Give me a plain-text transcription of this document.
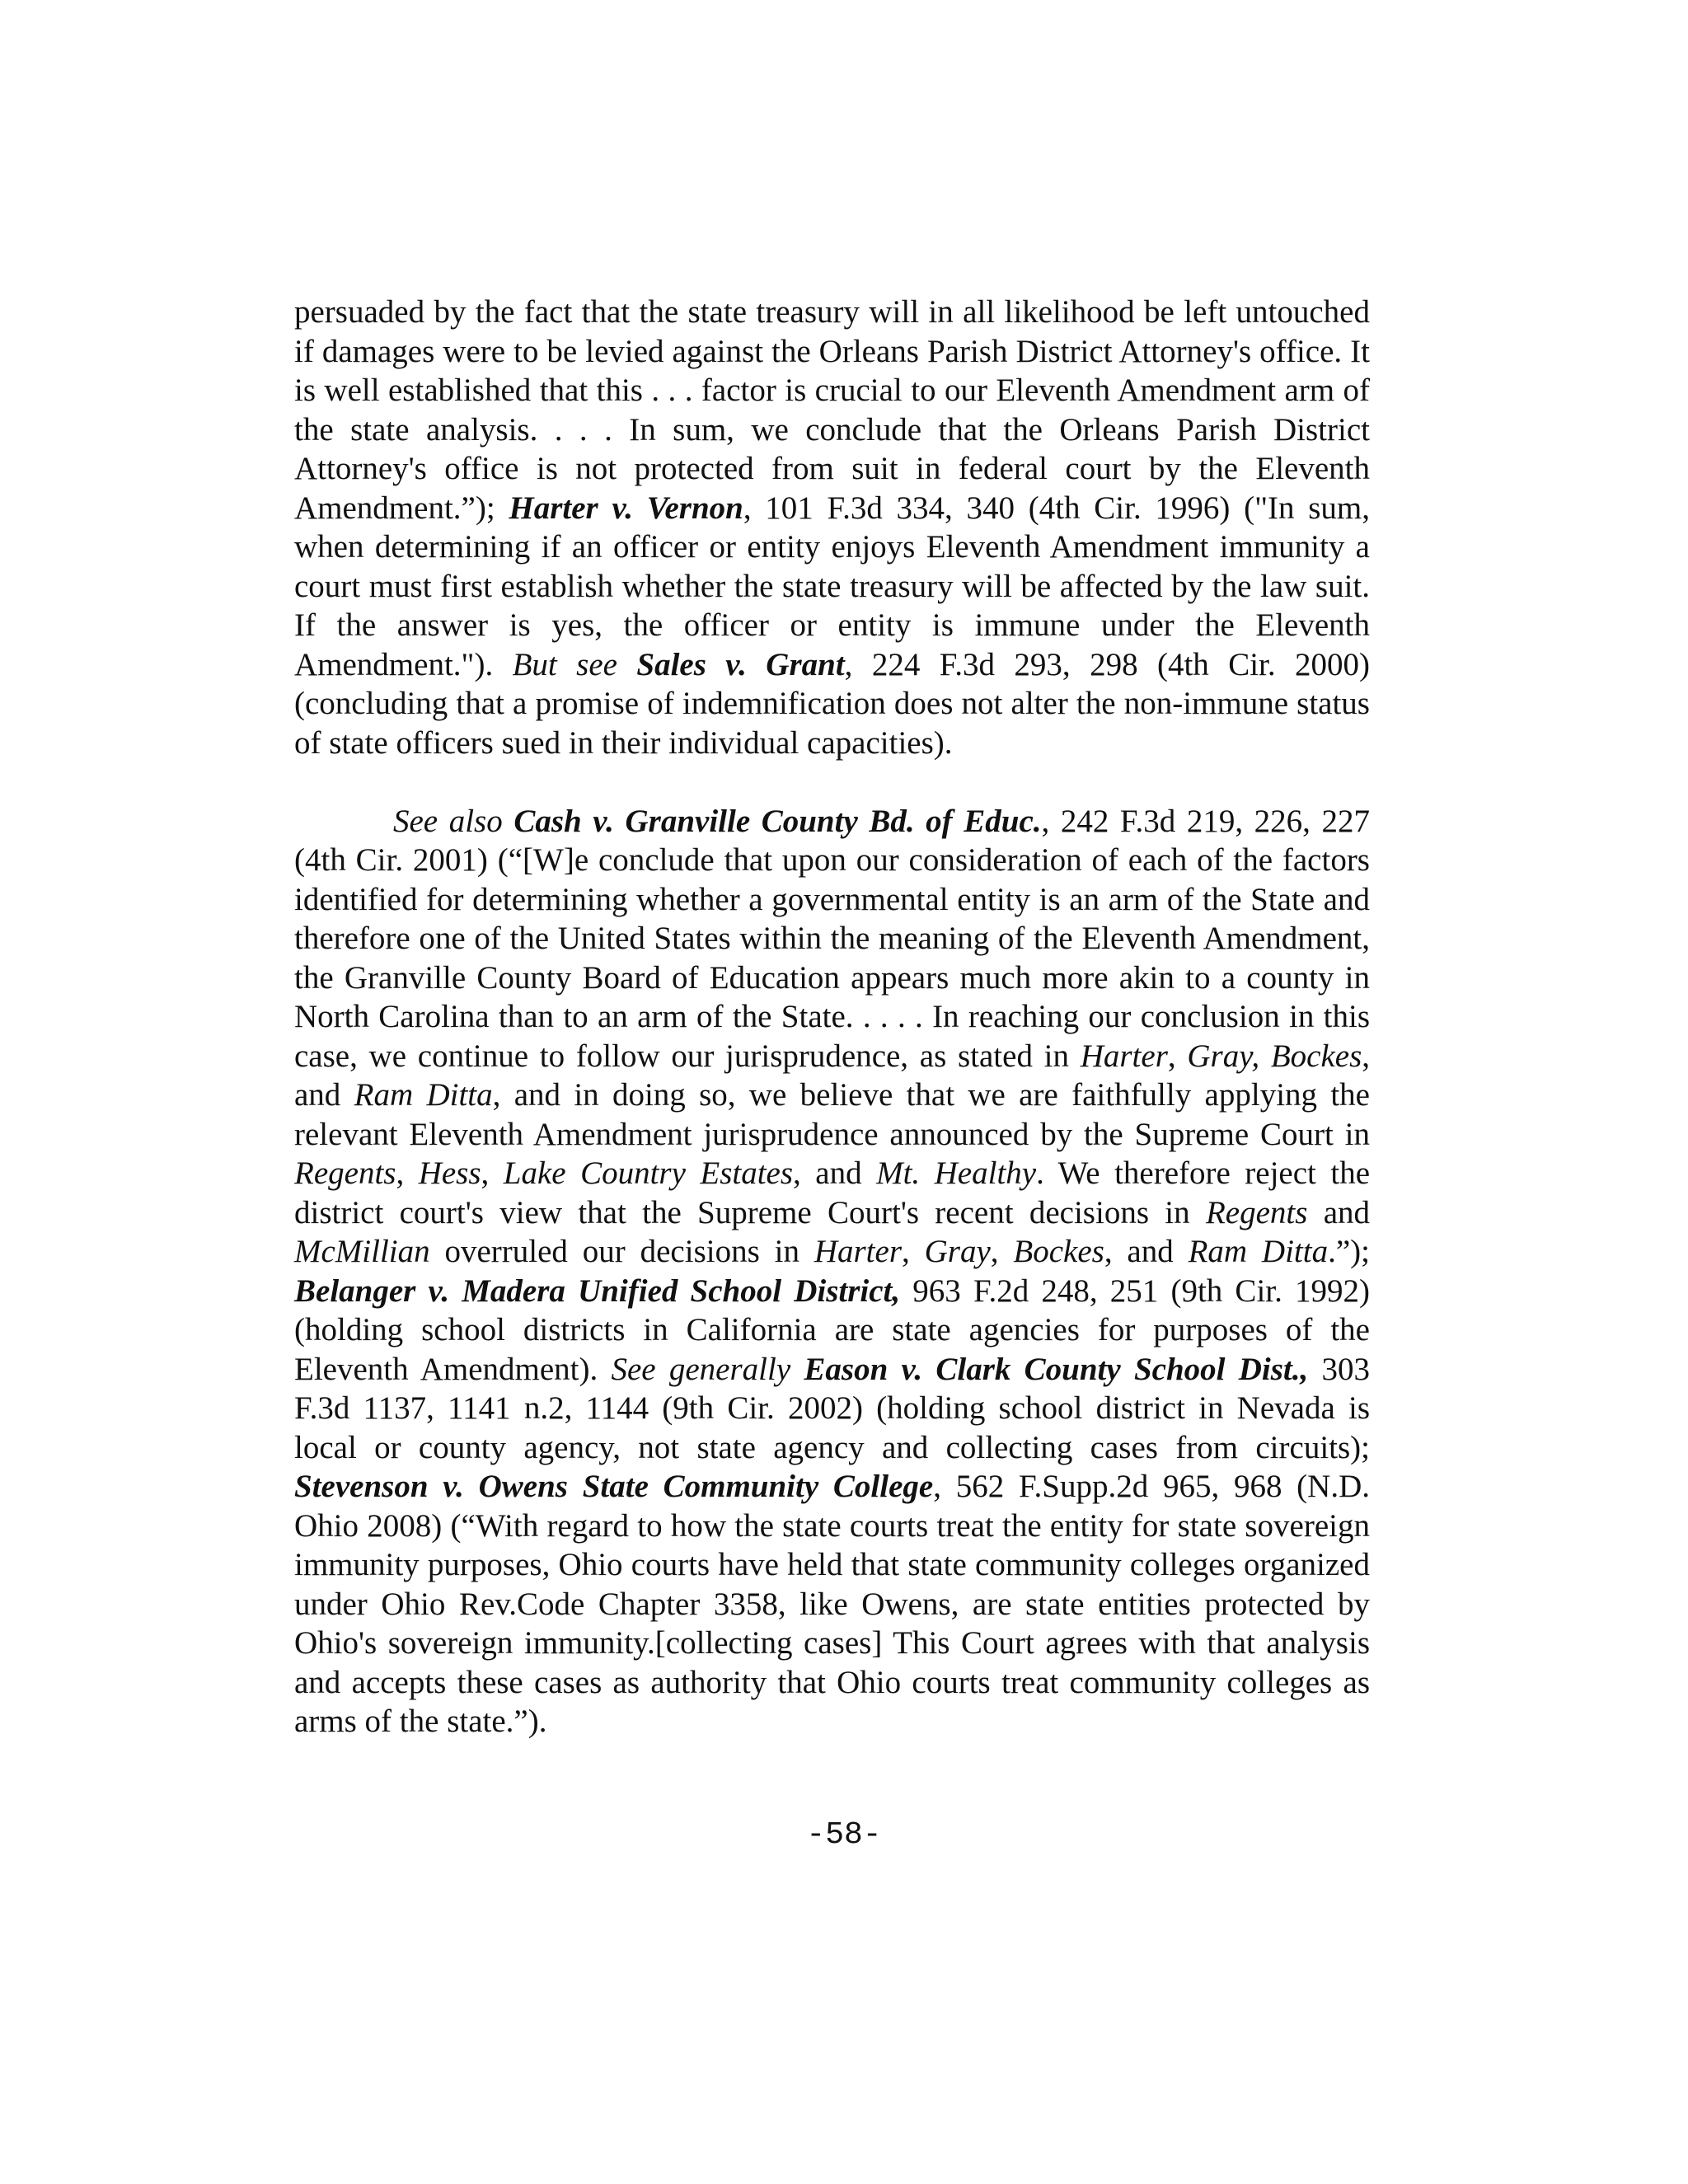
persuaded by the fact that the state treasury will in all likelihood be left untouched if damages were to be levied against the Orleans Parish District Attorney's office. It is well established that this . . . factor is crucial to our Eleventh Amendment arm of the state analysis. . . . In sum, we conclude that the Orleans Parish District Attorney's office is not protected from suit in federal court by the Eleventh Amendment.”); Harter v. Vernon, 101 F.3d 334, 340 (4th Cir. 1996) ("In sum, when determining if an officer or entity enjoys Eleventh Amendment immunity a court must first establish whether the state treasury will be affected by the law suit. If the answer is yes, the officer or entity is immune under the Eleventh Amendment."). But see Sales v. Grant, 224 F.3d 293, 298 (4th Cir. 2000) (concluding that a promise of indemnification does not alter the non-immune status of state officers sued in their individual capacities).

See also Cash v. Granville County Bd. of Educ., 242 F.3d 219, 226, 227 (4th Cir. 2001) (“[W]e conclude that upon our consideration of each of the factors identified for determining whether a governmental entity is an arm of the State and therefore one of the United States within the meaning of the Eleventh Amendment, the Granville County Board of Education appears much more akin to a county in North Carolina than to an arm of the State. . . . . In reaching our conclusion in this case, we continue to follow our jurisprudence, as stated in Harter, Gray, Bockes, and Ram Ditta, and in doing so, we believe that we are faithfully applying the relevant Eleventh Amendment jurisprudence announced by the Supreme Court in Regents, Hess, Lake Country Estates, and Mt. Healthy. We therefore reject the district court's view that the Supreme Court's recent decisions in Regents and McMillian overruled our decisions in Harter, Gray, Bockes, and Ram Ditta.”); Belanger v. Madera Unified School District, 963 F.2d 248, 251 (9th Cir. 1992) (holding school districts in California are state agencies for purposes of the Eleventh Amendment). See generally Eason v. Clark County School Dist., 303 F.3d 1137, 1141 n.2, 1144 (9th Cir. 2002) (holding school district in Nevada is local or county agency, not state agency and collecting cases from circuits); Stevenson v. Owens State Community College, 562 F.Supp.2d 965, 968 (N.D. Ohio 2008) (“With regard to how the state courts treat the entity for state sovereign immunity purposes, Ohio courts have held that state community colleges organized under Ohio Rev.Code Chapter 3358, like Owens, are state entities protected by Ohio's sovereign immunity.[collecting cases] This Court agrees with that analysis and accepts these cases as authority that Ohio courts treat community colleges as arms of the state.”).

-58-
